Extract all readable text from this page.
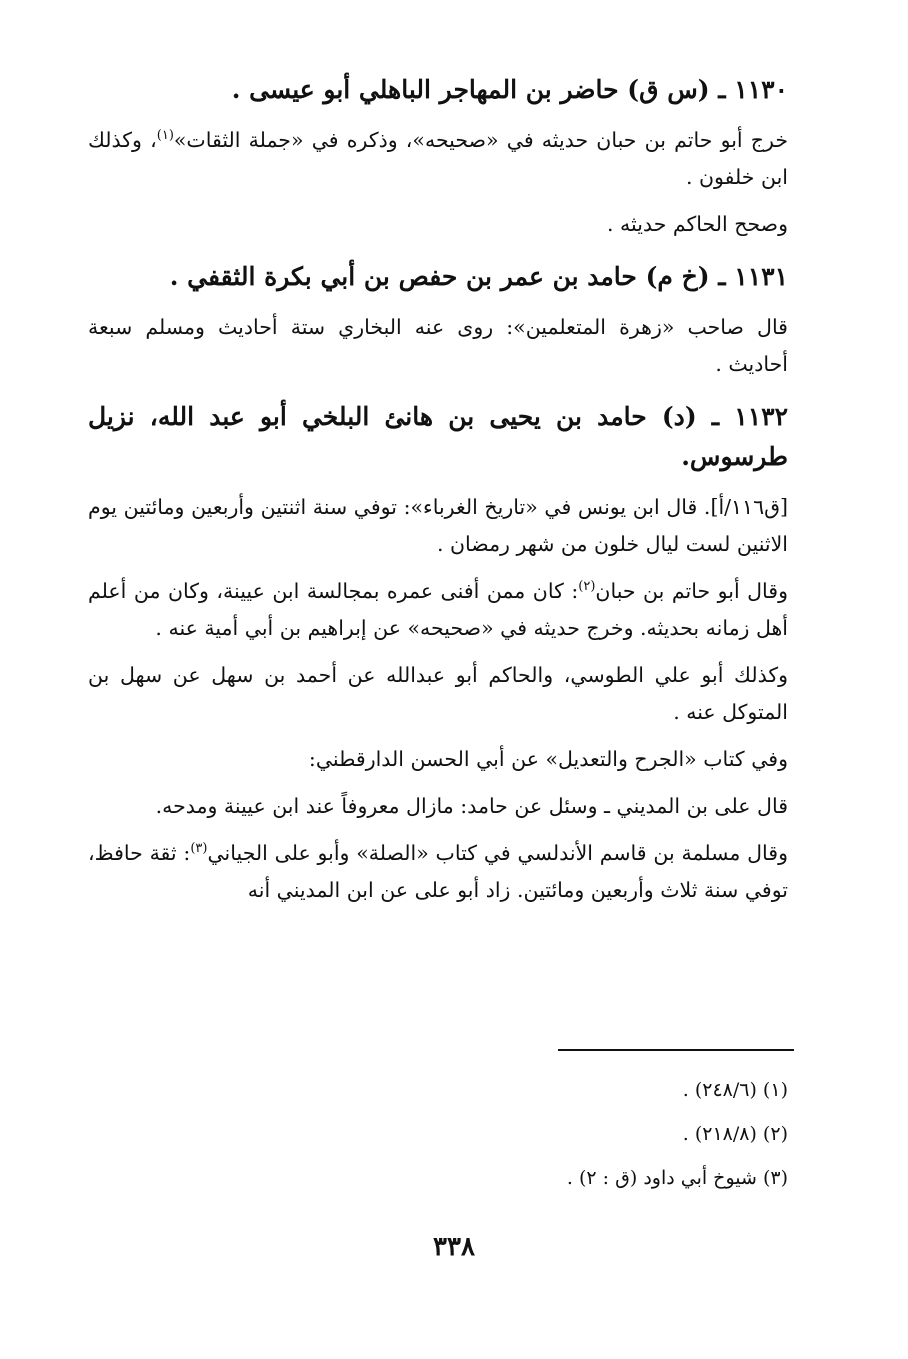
١١٣٠ ـ (س ق) حاضر بن المهاجر الباهلي أبو عيسى .
خرج أبو حاتم بن حبان حديثه في «صحيحه»، وذكره في «جملة الثقات»$^{(١)}$، وكذلك ابن خلفون .
وصحح الحاكم حديثه .
١١٣١ ـ (خ م) حامد بن عمر بن حفص بن أبي بكرة الثقفي .
قال صاحب «زهرة المتعلمين»: روى عنه البخاري ستة أحاديث ومسلم سبعة أحاديث .
١١٣٢ ـ (د) حامد بن يحيى بن هانئ البلخي أبو عبد الله، نزيل طرسوس.
[ق١١٦/أ]. قال ابن يونس في «تاريخ الغرباء»: توفي سنة اثنتين وأربعين ومائتين يوم الاثنين لست ليال خلون من شهر رمضان .
وقال أبو حاتم بن حبان$^{(٢)}$: كان ممن أفنى عمره بمجالسة ابن عيينة، وكان من أعلم أهل زمانه بحديثه. وخرج حديثه في «صحيحه» عن إبراهيم بن أبي أمية عنه .
وكذلك أبو علي الطوسي، والحاكم أبو عبدالله عن أحمد بن سهل عن سهل بن المتوكل عنه .
وفي كتاب «الجرح والتعديل» عن أبي الحسن الدارقطني:
قال على بن المديني ـ وسئل عن حامد: مازال معروفاً عند ابن عيينة ومدحه.
وقال مسلمة بن قاسم الأندلسي في كتاب «الصلة» وأبو على الجياني$^{(٣)}$: ثقة حافظ، توفي سنة ثلاث وأربعين ومائتين. زاد أبو على عن ابن المديني أنه
(١) (٢٤٨/٦) .
(٢) (٢١٨/٨) .
(٣) شيوخ أبي داود (ق : ٢) .
٣٣٨
